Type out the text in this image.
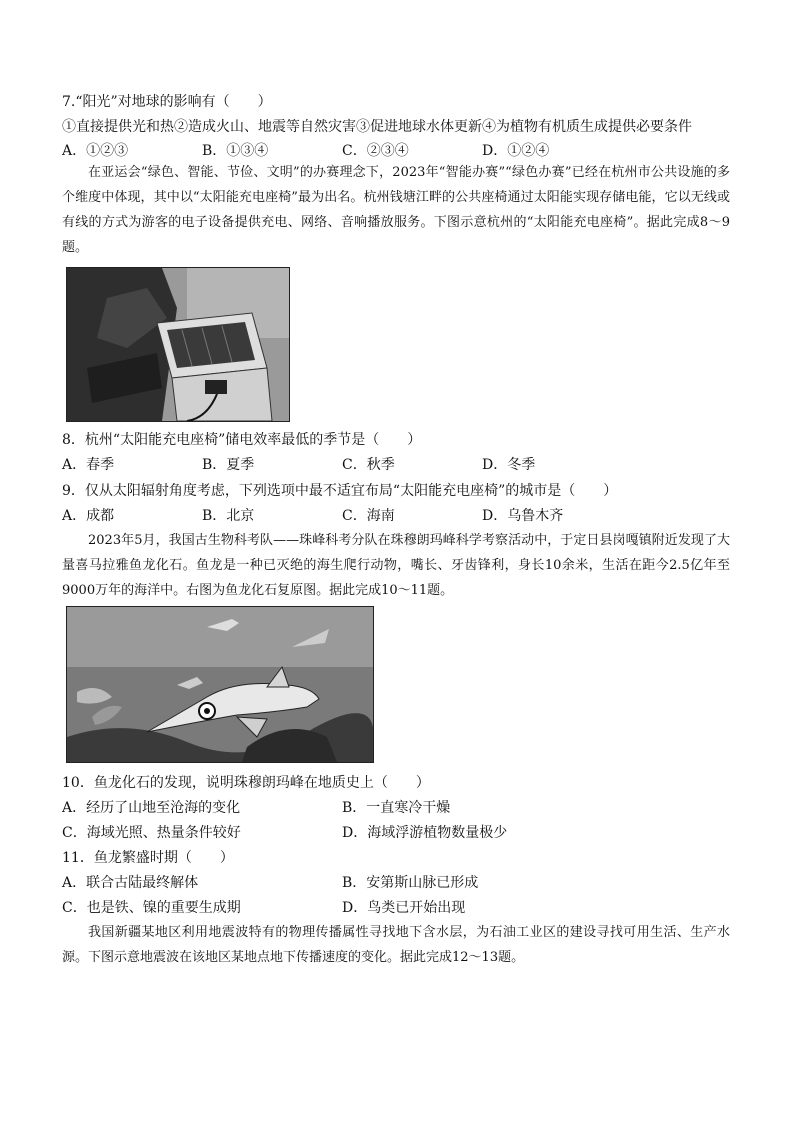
7.“阳光”对地球的影响有（　　）
①直接提供光和热②造成火山、地震等自然灾害③促进地球水体更新④为植物有机质生成提供必要条件
A．①②③	B．①③④	C．②③④	D．①②④
在亚运会“绿色、智能、节俭、文明”的办赛理念下，2023年“智能办赛”“绿色办赛”已经在杭州市公共设施的多个维度中体现，其中以“太阳能充电座椅”最为出名。杭州钱塘江畔的公共座椅通过太阳能实现存储电能，它以无线或有线的方式为游客的电子设备提供充电、网络、音响播放服务。下图示意杭州的“太阳能充电座椅”。据此完成8～9题。
8．杭州“太阳能充电座椅”储电效率最低的季节是（　　）
A．春季	B．夏季	C．秋季	D．冬季
9．仅从太阳辐射角度考虑，下列选项中最不适宜布局“太阳能充电座椅”的城市是（　　）
A．成都	B．北京	C．海南	D．乌鲁木齐
2023年5月，我国古生物科考队——珠峰科考分队在珠穆朗玛峰科学考察活动中，于定日县岗嘎镇附近发现了大量喜马拉雅鱼龙化石。鱼龙是一种已灭绝的海生爬行动物，嘴长、牙齿锋利，身长10余米，生活在距今2.5亿年至9000万年的海洋中。右图为鱼龙化石复原图。据此完成10～11题。
10．鱼龙化石的发现，说明珠穆朗玛峰在地质史上（　　）
A．经历了山地至沧海的变化	B．一直寒冷干燥
C．海域光照、热量条件较好	D．海域浮游植物数量极少
11．鱼龙繁盛时期（　　）
A．联合古陆最终解体	B．安第斯山脉已形成
C．也是铁、镍的重要生成期	D．鸟类已开始出现
我国新疆某地区利用地震波特有的物理传播属性寻找地下含水层，为石油工业区的建设寻找可用生活、生产水源。下图示意地震波在该地区某地点地下传播速度的变化。据此完成12～13题。
